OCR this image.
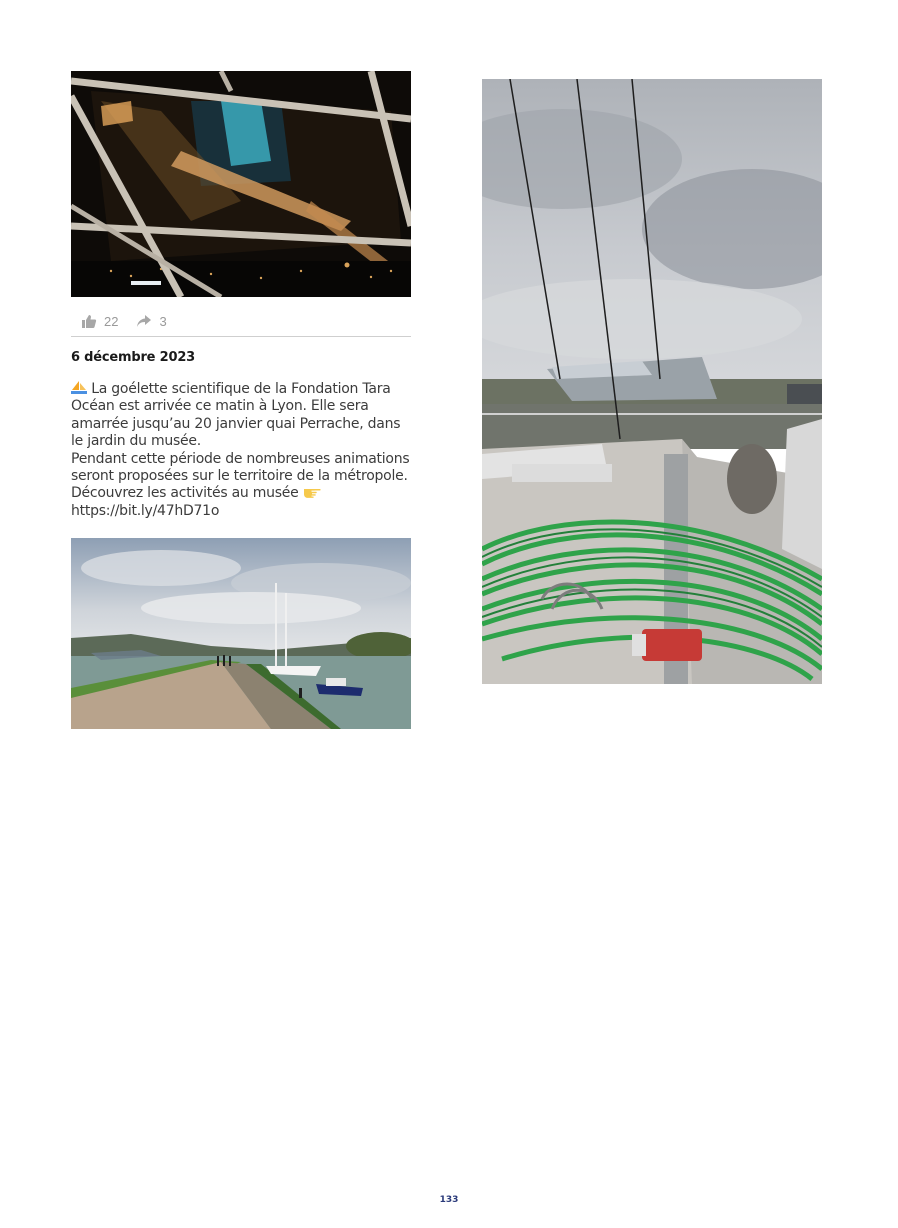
22	3
6 décembre 2023

La goélette scientifique de la Fondation Tara Océan est arrivée ce matin à Lyon. Elle sera amarrée jusqu’au 20 janvier quai Perrache, dans le jardin du musée.

Pendant cette période de nombreuses animations seront proposées sur le territoire de la métropole.

Découvrez les activités au musée

https://bit.ly/47hD71o

133
